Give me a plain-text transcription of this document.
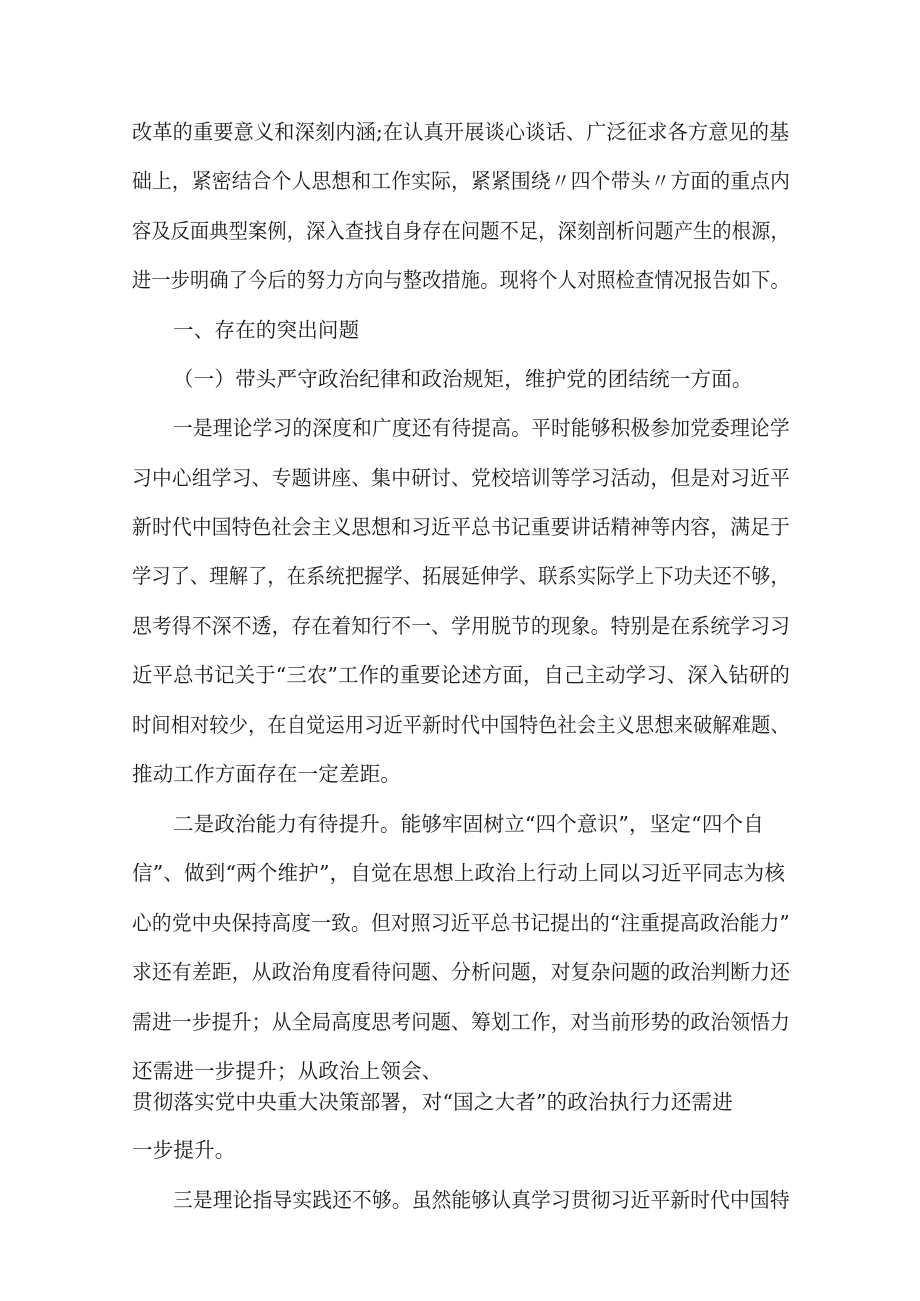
改革的重要意义和深刻内涵;在认真开展谈心谈话、广泛征求各方意见的基
础上，紧密结合个人思想和工作实际，紧紧围绕〃四个带头〃方面的重点内
容及反面典型案例，深入查找自身存在问题不足，深刻剖析问题产生的根源，
进一步明确了今后的努力方向与整改措施。现将个人对照检查情况报告如下。
一、存在的突出问题
（一）带头严守政治纪律和政治规矩，维护党的团结统一方面。
一是理论学习的深度和广度还有待提高。平时能够积极参加党委理论学
习中心组学习、专题讲座、集中研讨、党校培训等学习活动，但是对习近平
新时代中国特色社会主义思想和习近平总书记重要讲话精神等内容，满足于
学习了、理解了，在系统把握学、拓展延伸学、联系实际学上下功夫还不够，
思考得不深不透，存在着知行不一、学用脱节的现象。特别是在系统学习习
近平总书记关于“三农”工作的重要论述方面，自己主动学习、深入钻研的
时间相对较少，在自觉运用习近平新时代中国特色社会主义思想来破解难题、
推动工作方面存在一定差距。
二是政治能力有待提升。能够牢固树立“四个意识”，坚定“四个自
信”、做到“两个维护”，自觉在思想上政治上行动上同以习近平同志为核
心的党中央保持高度一致。但对照习近平总书记提出的“注重提高政治能力”
求还有差距，从政治角度看待问题、分析问题，对复杂问题的政治判断力还
需进一步提升；从全局高度思考问题、筹划工作，对当前形势的政治领悟力
还需进一步提升；从政治上领会、
贯彻落实党中央重大决策部署，对“国之大者”的政治执行力还需进
一步提升。
三是理论指导实践还不够。虽然能够认真学习贯彻习近平新时代中国特
